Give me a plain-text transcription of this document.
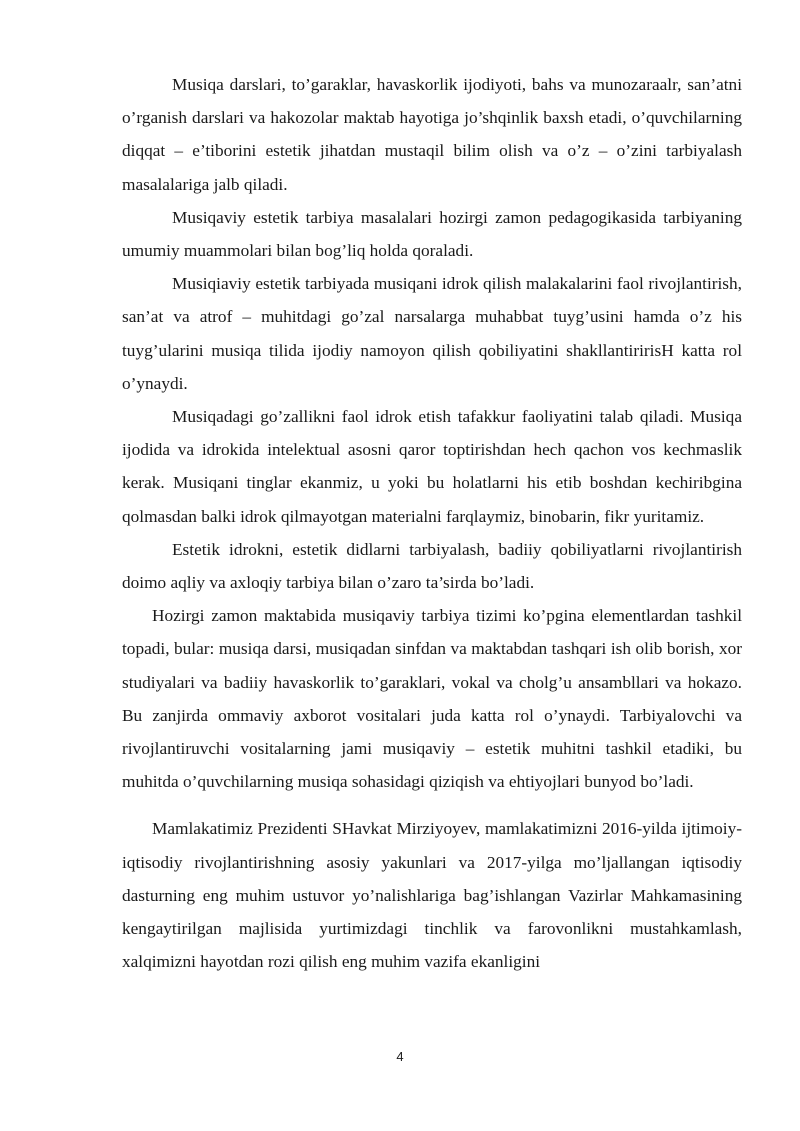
Musiqa darslari, to’garaklar, havaskorlik ijodiyoti, bahs va munozaraalr, san’atni o’rganish darslari va hakozolar maktab hayotiga jo’shqinlik baxsh etadi, o’quvchilarning diqqat – e’tiborini estetik jihatdan mustaqil bilim olish va o’z – o’zini tarbiyalash masalalariga jalb qiladi.

Musiqaviy estetik tarbiya masalalari hozirgi zamon pedagogikasida tarbiyaning umumiy muammolari bilan bog’liq holda qoraladi.

Musiqiaviy estetik tarbiyada musiqani idrok qilish malakalarini faol rivojlantirish, san’at va atrof – muhitdagi go’zal narsalarga muhabbat tuyg’usini hamda o’z his tuyg’ularini musiqa tilida ijodiy namoyon qilish qobiliyatini shakllantiririsH katta rol o’ynaydi.

Musiqadagi go’zallikni faol idrok etish tafakkur faoliyatini talab qiladi. Musiqa ijodida va idrokida intelektual asosni qaror toptirishdan hech qachon vos kechmaslik kerak. Musiqani tinglar ekanmiz, u yoki bu holatlarni his etib boshdan kechiribgina qolmasdan balki idrok qilmayotgan materialni farqlaymiz, binobarin, fikr yuritamiz.

Estetik idrokni, estetik didlarni tarbiyalash, badiiy qobiliyatlarni rivojlantirish doimo aqliy va axloqiy tarbiya bilan o’zaro ta’sirda bo’ladi.

Hozirgi zamon maktabida musiqaviy tarbiya tizimi ko’pgina elementlardan tashkil topadi, bular: musiqa darsi, musiqadan sinfdan va maktabdan tashqari ish olib borish, xor studiyalari va badiiy havaskorlik to’garaklari, vokal va cholg’u ansambllari va hokazo. Bu zanjirda ommaviy axborot vositalari juda katta rol o’ynaydi. Tarbiyalovchi va rivojlantiruvchi vositalarning jami musiqaviy – estetik muhitni tashkil etadiki, bu muhitda o’quvchilarning musiqa sohasidagi qiziqish va ehtiyojlari bunyod bo’ladi.

Mamlakatimiz Prezidenti SHavkat Mirziyoyev, mamlakatimizni 2016-yilda ijtimoiy-iqtisodiy rivojlantirishning asosiy yakunlari va 2017-yilga mo’ljallangan iqtisodiy dasturning eng muhim ustuvor yo’nalishlariga bag’ishlangan Vazirlar Mahkamasining kengaytirilgan majlisida yurtimizdagi tinchlik va farovonlikni mustahkamlash, xalqimizni hayotdan rozi qilish eng muhim vazifa ekanligini

4
